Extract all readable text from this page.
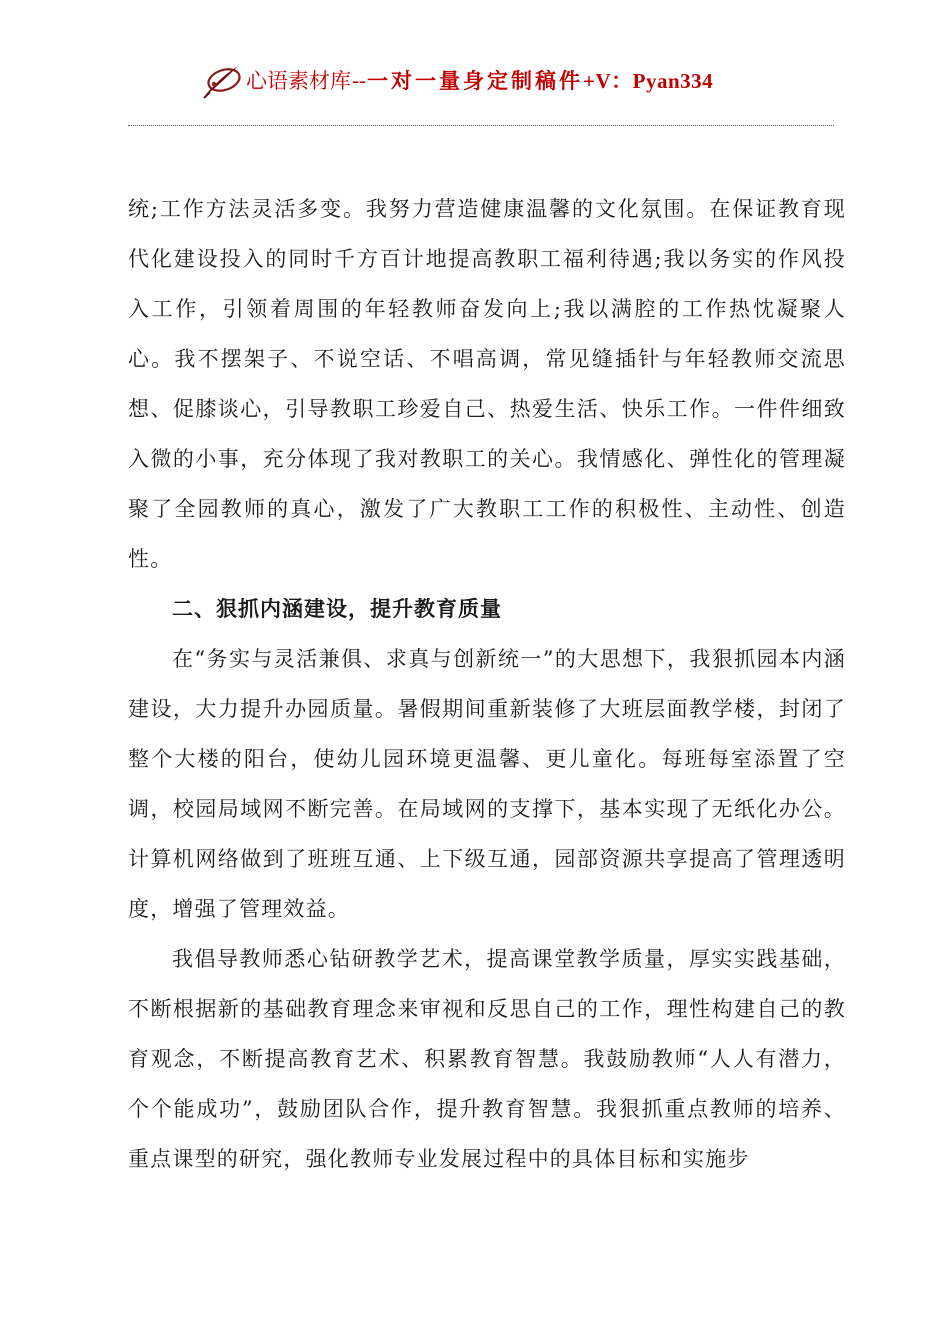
心语素材库 -- 一对一量身定制稿件 +V：Pyan334

统;工作方法灵活多变。我努力营造健康温馨的文化氛围。在保证教育现代化建设投入的同时千方百计地提高教职工福利待遇;我以务实的作风投入工作，引领着周围的年轻教师奋发向上;我以满腔的工作热忱凝聚人心。我不摆架子、不说空话、不唱高调，常见缝插针与年轻教师交流思想、促膝谈心，引导教职工珍爱自己、热爱生活、快乐工作。一件件细致入微的小事，充分体现了我对教职工的关心。我情感化、弹性化的管理凝聚了全园教师的真心，激发了广大教职工工作的积极性、主动性、创造性。

二、狠抓内涵建设，提升教育质量

在“务实与灵活兼俱、求真与创新统一”的大思想下，我狠抓园本内涵建设，大力提升办园质量。暑假期间重新装修了大班层面教学楼，封闭了整个大楼的阳台，使幼儿园环境更温馨、更儿童化。每班每室添置了空调，校园局域网不断完善。在局域网的支撑下，基本实现了无纸化办公。计算机网络做到了班班互通、上下级互通，园部资源共享提高了管理透明度，增强了管理效益。

我倡导教师悉心钻研教学艺术，提高课堂教学质量，厚实实践基础，不断根据新的基础教育理念来审视和反思自己的工作，理性构建自己的教育观念，不断提高教育艺术、积累教育智慧。我鼓励教师“人人有潜力，个个能成功”，鼓励团队合作，提升教育智慧。我狠抓重点教师的培养、重点课型的研究，强化教师专业发展过程中的具体目标和实施步
